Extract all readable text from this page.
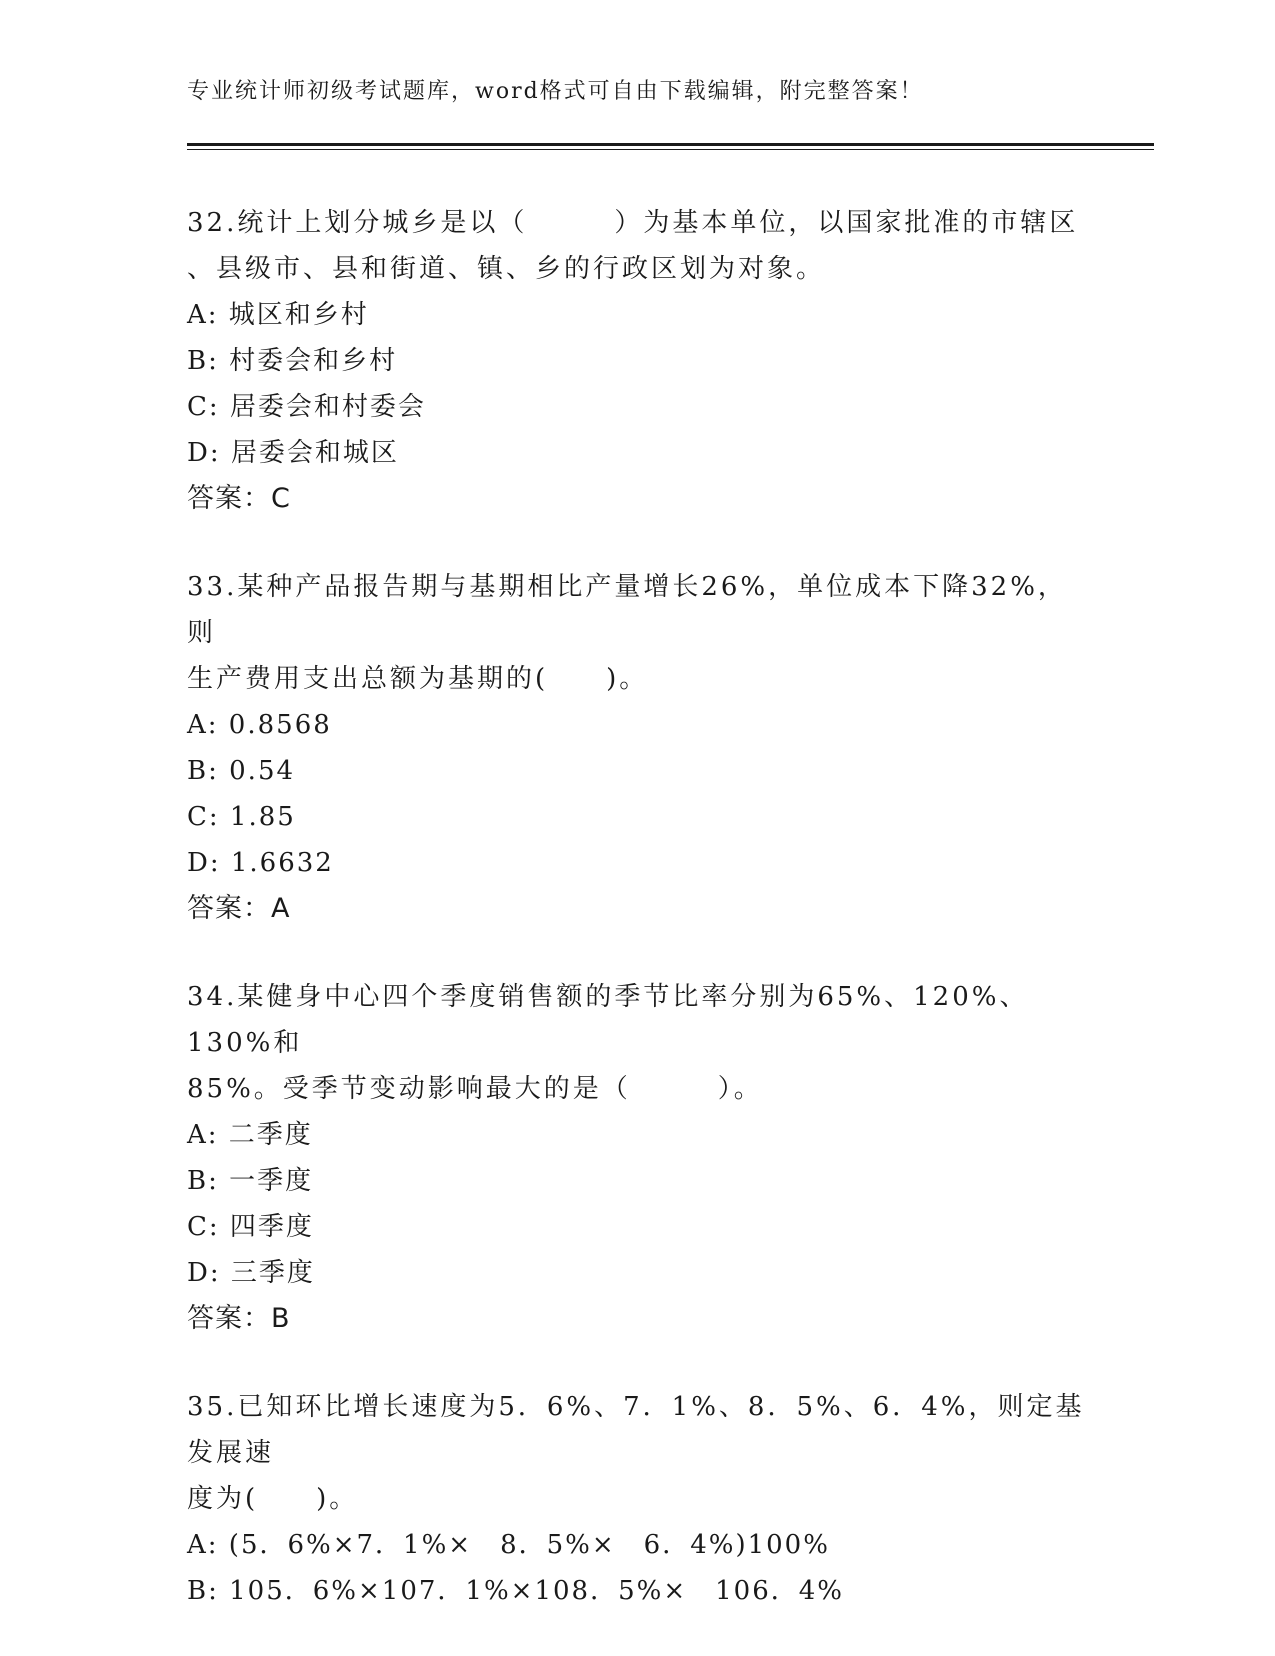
专业统计师初级考试题库，word格式可自由下载编辑，附完整答案！
32.统计上划分城乡是以（　　　）为基本单位，以国家批准的市辖区
、县级市、县和街道、镇、乡的行政区划为对象。
A: 城区和乡村
B: 村委会和乡村
C: 居委会和村委会
D: 居委会和城区
答案：C
33.某种产品报告期与基期相比产量增长26%，单位成本下降32%，则
生产费用支出总额为基期的(　　)。
A: 0.8568
B: 0.54
C: 1.85
D: 1.6632
答案：A
34.某健身中心四个季度销售额的季节比率分别为65%、120%、130%和
85%。受季节变动影响最大的是（　　　）。
A: 二季度
B: 一季度
C: 四季度
D: 三季度
答案：B
35.已知环比增长速度为5．6%、7．1%、8．5%、6．4%，则定基发展速
度为(　　)。
A: (5．6%×7．1%×　8．5%×　6．4%)100%
B: 105．6%×107．1%×108．5%×　106．4%
